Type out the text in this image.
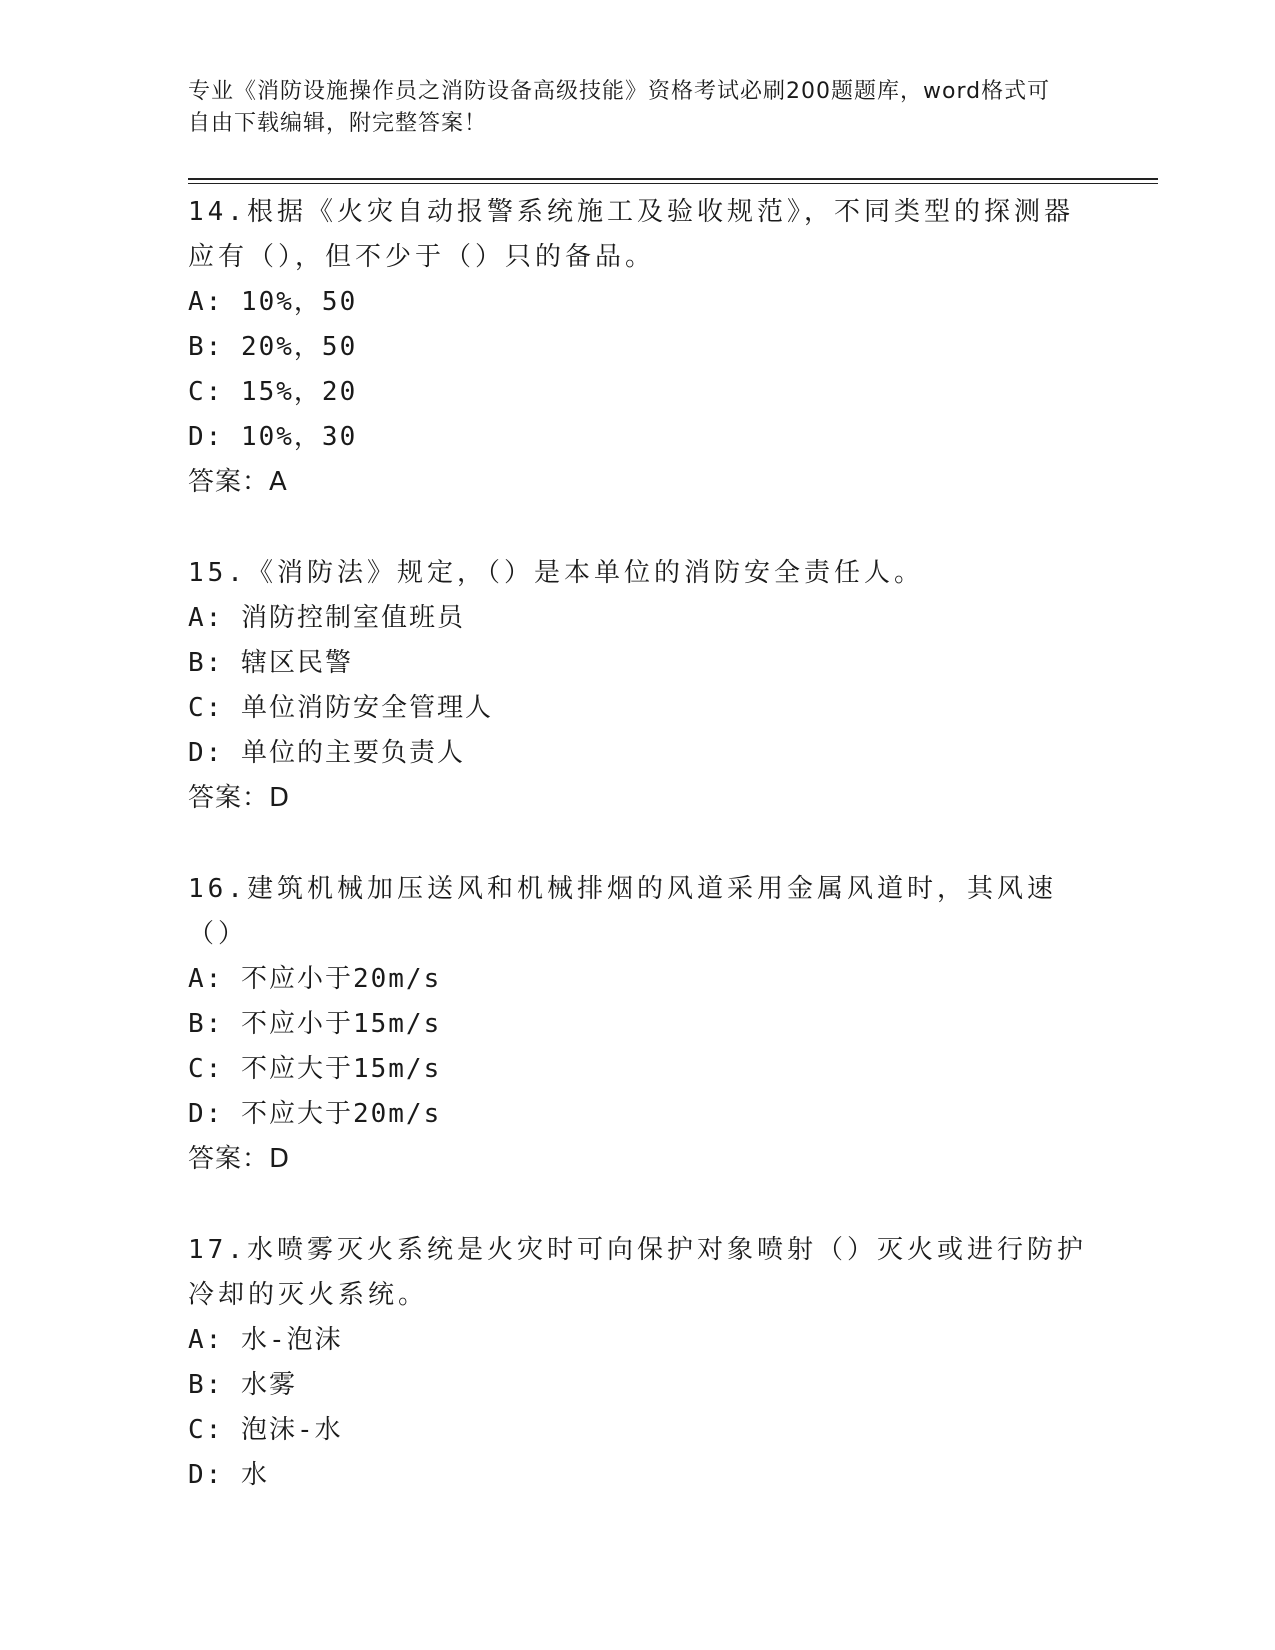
专业《消防设施操作员之消防设备高级技能》资格考试必刷200题题库，word格式可自由下载编辑，附完整答案！

14.根据《火灾自动报警系统施工及验收规范》，不同类型的探测器应有（），但不少于（）只的备品。

A: 10%，50

B: 20%，50

C: 15%，20

D: 10%，30

答案：A

15.《消防法》规定，（）是本单位的消防安全责任人。

A: 消防控制室值班员

B: 辖区民警

C: 单位消防安全管理人

D: 单位的主要负责人

答案：D

16.建筑机械加压送风和机械排烟的风道采用金属风道时，其风速（）

A: 不应小于20m/s

B: 不应小于15m/s

C: 不应大于15m/s

D: 不应大于20m/s

答案：D

17.水喷雾灭火系统是火灾时可向保护对象喷射（）灭火或进行防护冷却的灭火系统。

A: 水-泡沫

B: 水雾

C: 泡沫-水

D: 水
